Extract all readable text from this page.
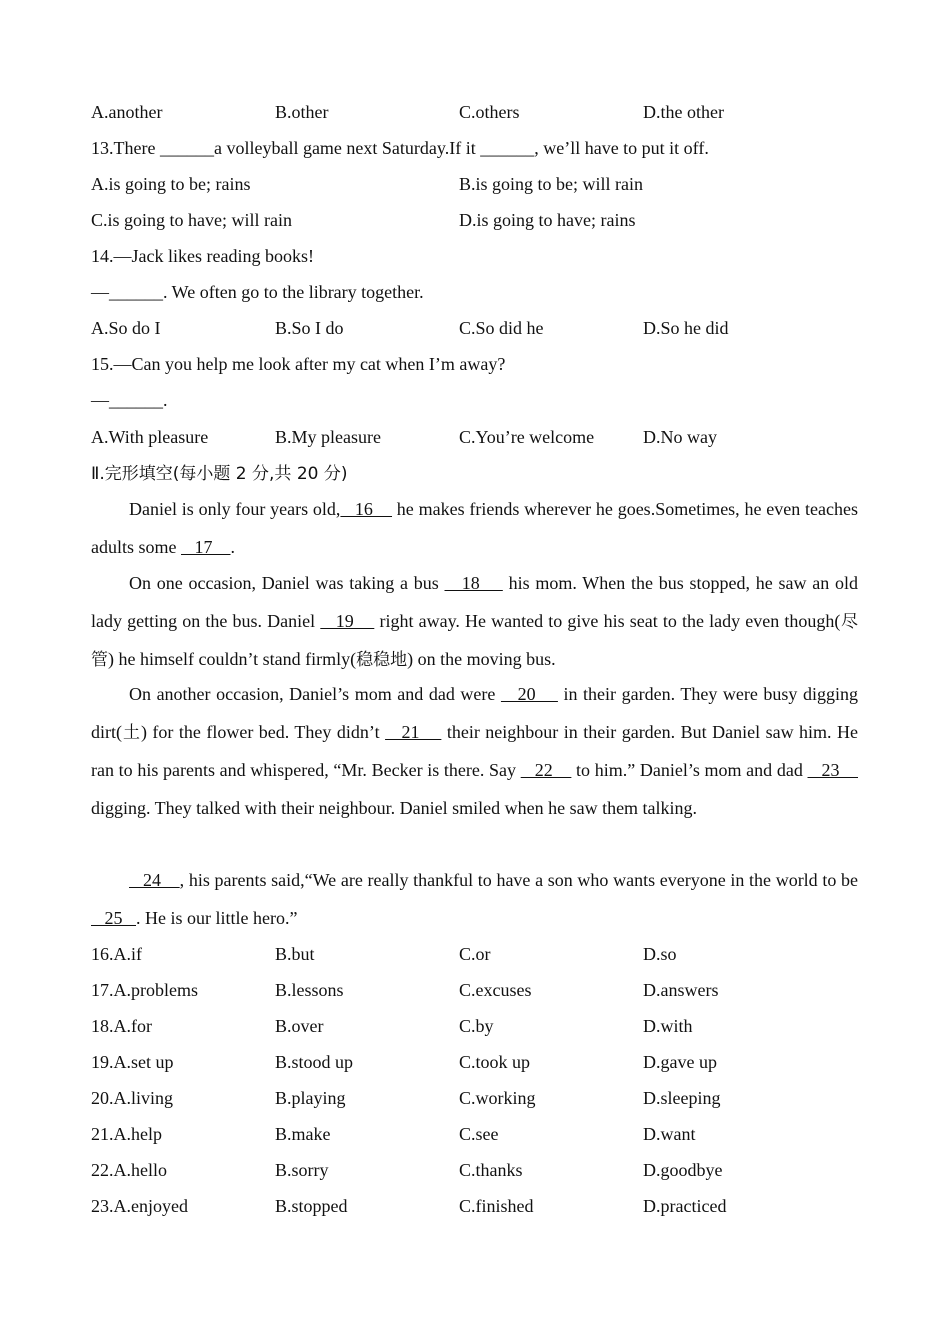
A.another	B.other	C.others	D.the other
13.There ______a volleyball game next Saturday.If it ______, we’ll have to put it off.
A.is going to be; rains	B.is going to be; will rain
C.is going to have; will rain	D.is going to have; rains
14.—Jack likes reading books!
—______. We often go to the library together.
A.So do I	B.So I do	C.So did he	D.So he did
15.—Can you help me look after my cat when I’m away?
—______.
A.With pleasure	B.My pleasure	C.You’re welcome	D.No way
Ⅱ.完形填空(每小题 2 分,共 20 分)
Daniel is only four years old,   16     he makes friends wherever he goes.Sometimes, he even teaches adults some    17    .
On one occasion, Daniel was taking a bus    18     his mom. When the bus stopped, he saw an old lady getting on the bus. Daniel    19     right away. He wanted to give his seat to the lady even though(尽管) he himself couldn’t stand firmly(稳稳地) on the moving bus.
On another occasion, Daniel’s mom and dad were    20     in their garden. They were busy digging dirt(土) for the flower bed. They didn’t    21     their neighbour in their garden. But Daniel saw him. He ran to his parents and whispered, “Mr. Becker is there. Say    22     to him.” Daniel’s mom and dad    23     digging. They talked with their neighbour. Daniel smiled when he saw them talking.
24    , his parents said,“We are really thankful to have a son who wants everyone in the world to be    25   . He is our little hero.”
16.A.if	B.but	C.or	D.so
17.A.problems	B.lessons	C.excuses	D.answers
18.A.for	B.over	C.by	D.with
19.A.set up	B.stood up	C.took up	D.gave up
20.A.living	B.playing	C.working	D.sleeping
21.A.help	B.make	C.see	D.want
22.A.hello	B.sorry	C.thanks	D.goodbye
23.A.enjoyed	B.stopped	C.finished	D.practiced
